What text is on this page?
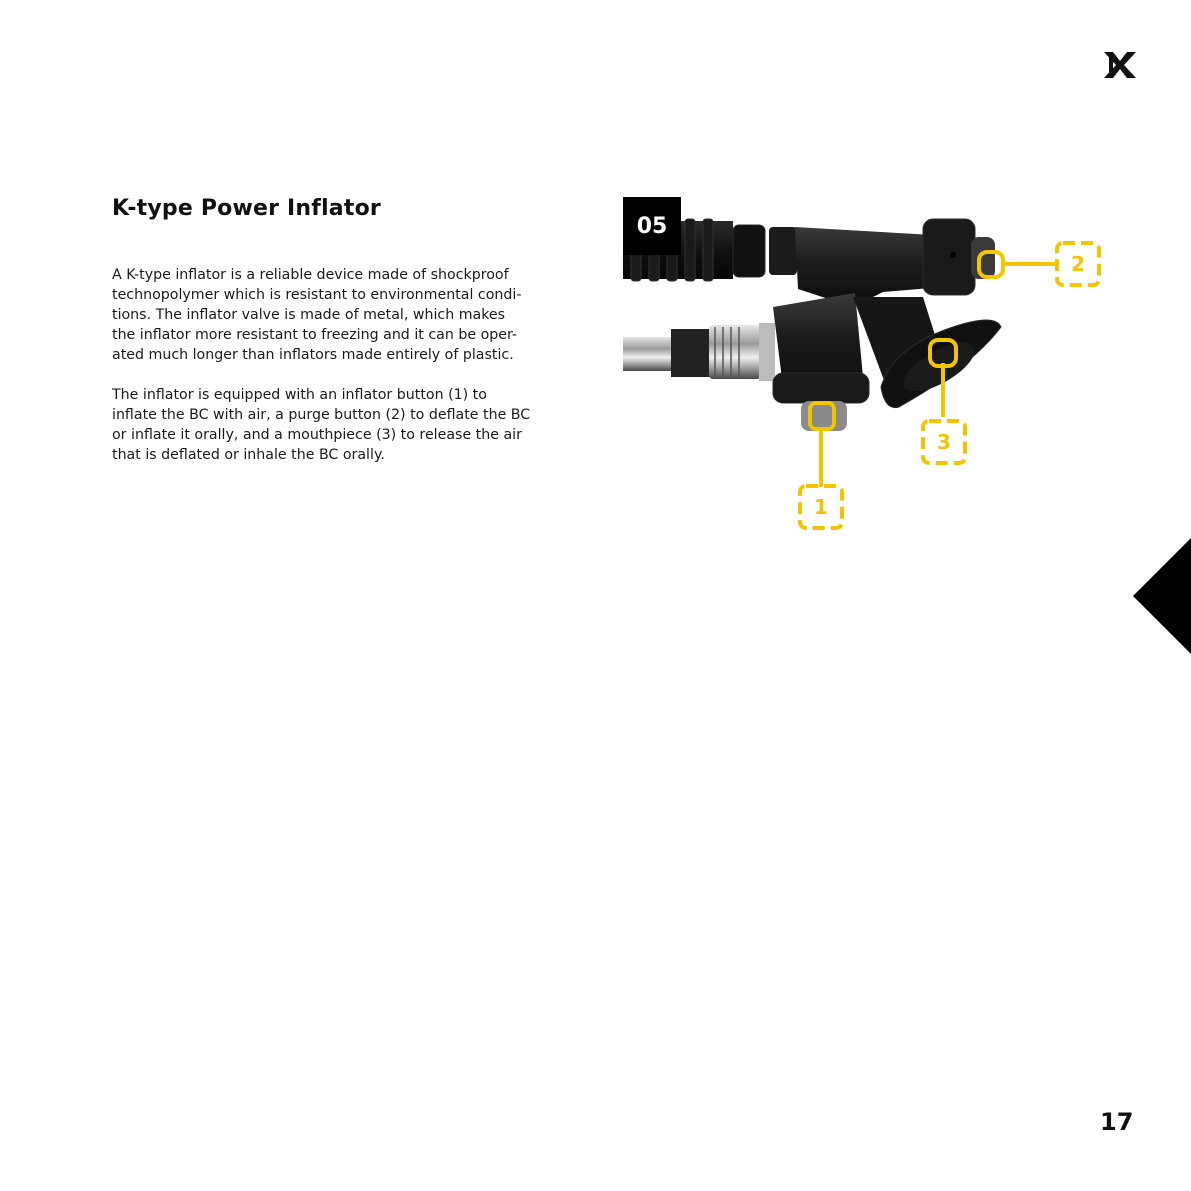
K-type Power Inflator

A K-type inflator is a reliable device made of shockproof
technopolymer which is resistant to environmental condi-
tions. The inflator valve is made of metal, which makes
the inflator more resistant to freezing and it can be oper-
ated much longer than inflators made entirely of plastic.

The inflator is equipped with an inflator button (1) to
inflate the BC with air, a purge button (2) to deflate the BC
or inflate it orally, and a mouthpiece (3) to release the air
that is deflated or inhale the BC orally.

05
1
2
3
17
